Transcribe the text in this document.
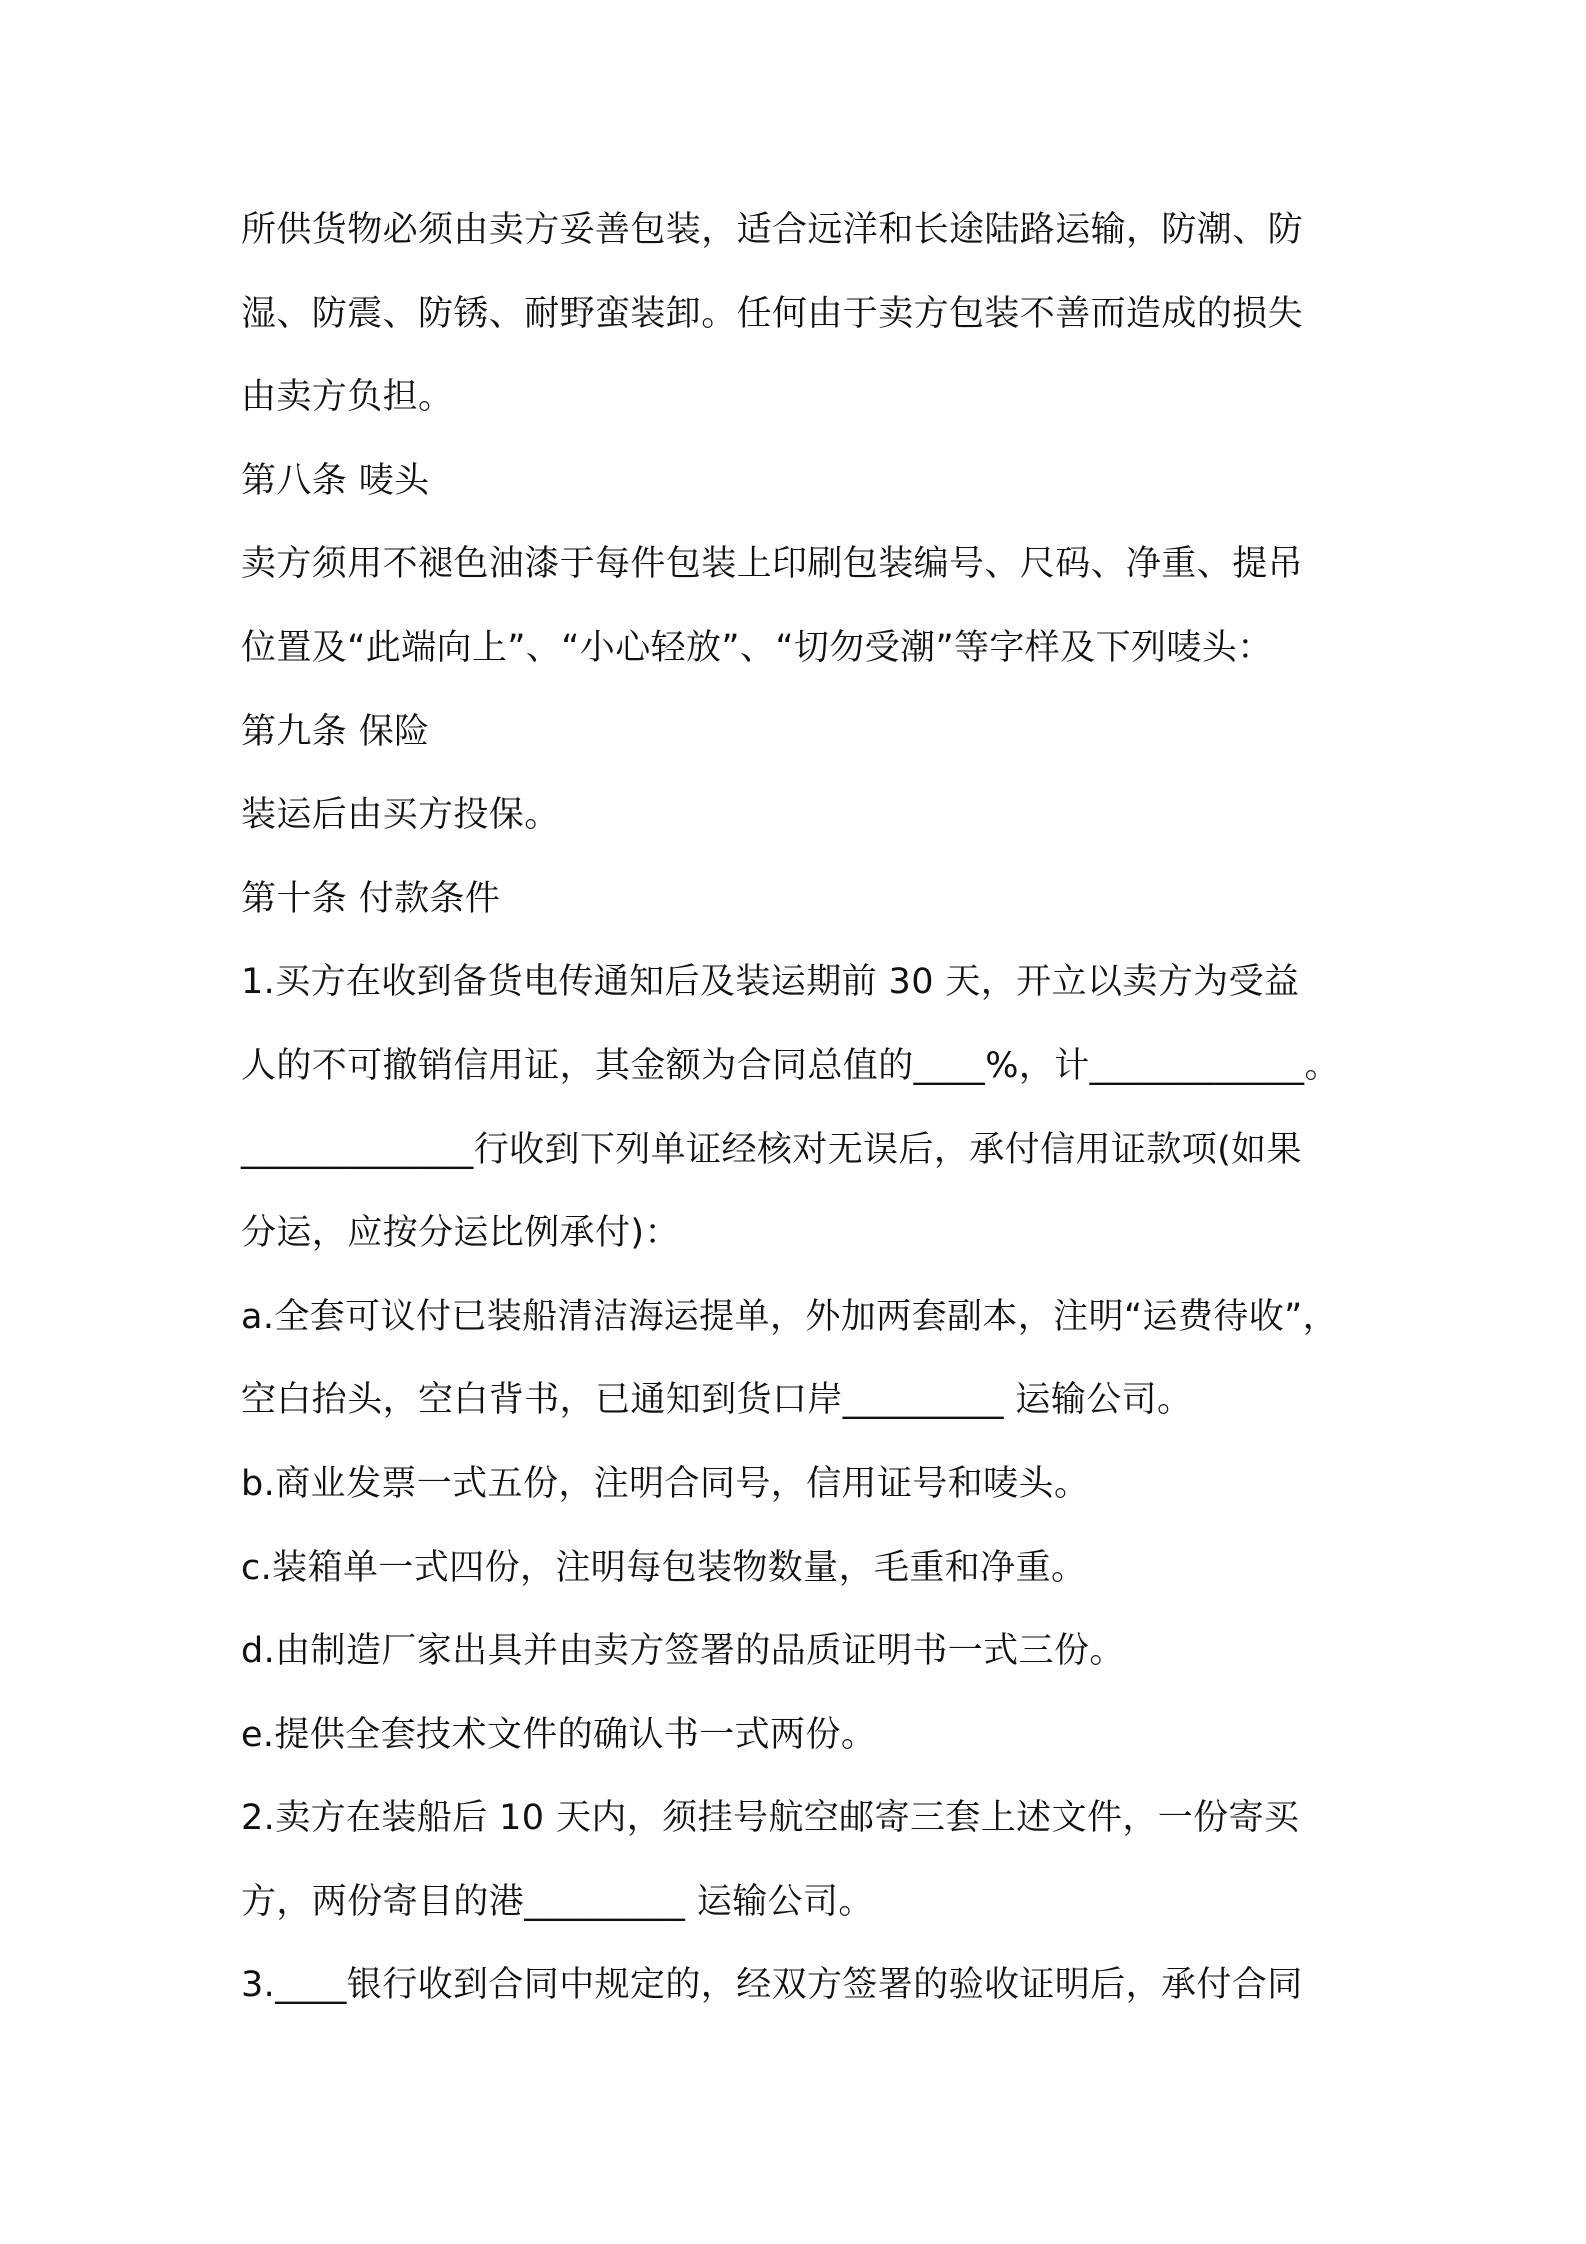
所供货物必须由卖方妥善包装，适合远洋和长途陆路运输，防潮、防
湿、防震、防锈、耐野蛮装卸。任何由于卖方包装不善而造成的损失
由卖方负担。
第八条 唛头
卖方须用不褪色油漆于每件包装上印刷包装编号、尺码、净重、提吊
位置及“此端向上”、“小心轻放”、“切勿受潮”等字样及下列唛头：
第九条 保险
装运后由买方投保。
第十条 付款条件
1.买方在收到备货电传通知后及装运期前 30 天，开立以卖方为受益
人的不可撤销信用证，其金额为合同总值的____%，计____________。
_____________行收到下列单证经核对无误后，承付信用证款项(如果
分运，应按分运比例承付)：
a.全套可议付已装船清洁海运提单，外加两套副本，注明“运费待收”，
空白抬头，空白背书，已通知到货口岸_________ 运输公司。
b.商业发票一式五份，注明合同号，信用证号和唛头。
c.装箱单一式四份，注明每包装物数量，毛重和净重。
d.由制造厂家出具并由卖方签署的品质证明书一式三份。
e.提供全套技术文件的确认书一式两份。
2.卖方在装船后 10 天内，须挂号航空邮寄三套上述文件，一份寄买
方，两份寄目的港_________ 运输公司。
3.____银行收到合同中规定的，经双方签署的验收证明后，承付合同
